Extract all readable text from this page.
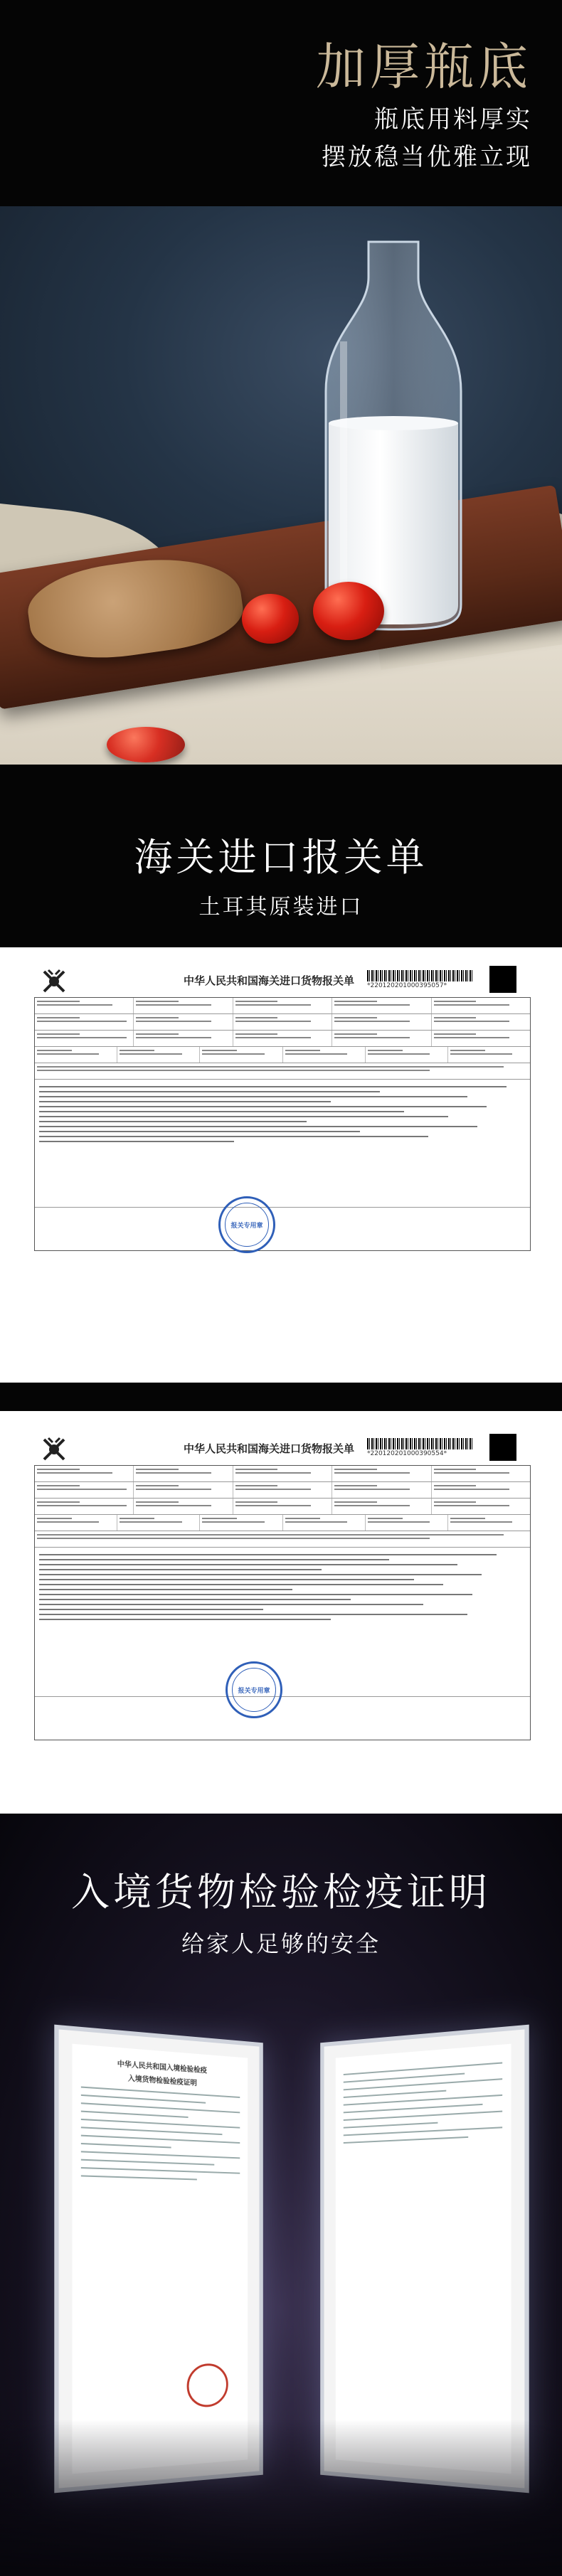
加厚瓶底
瓶底用料厚实
摆放稳当优雅立现
海关进口报关单
土耳其原装进口
中华人民共和国海关进口货物报关单 *220120201000395057*
报关专用章
中华人民共和国海关进口货物报关单 *220120201000390554*
报关专用章
入境货物检验检疫证明
给家人足够的安全
中华人民共和国入境检验检疫
入境货物检验检疫证明
